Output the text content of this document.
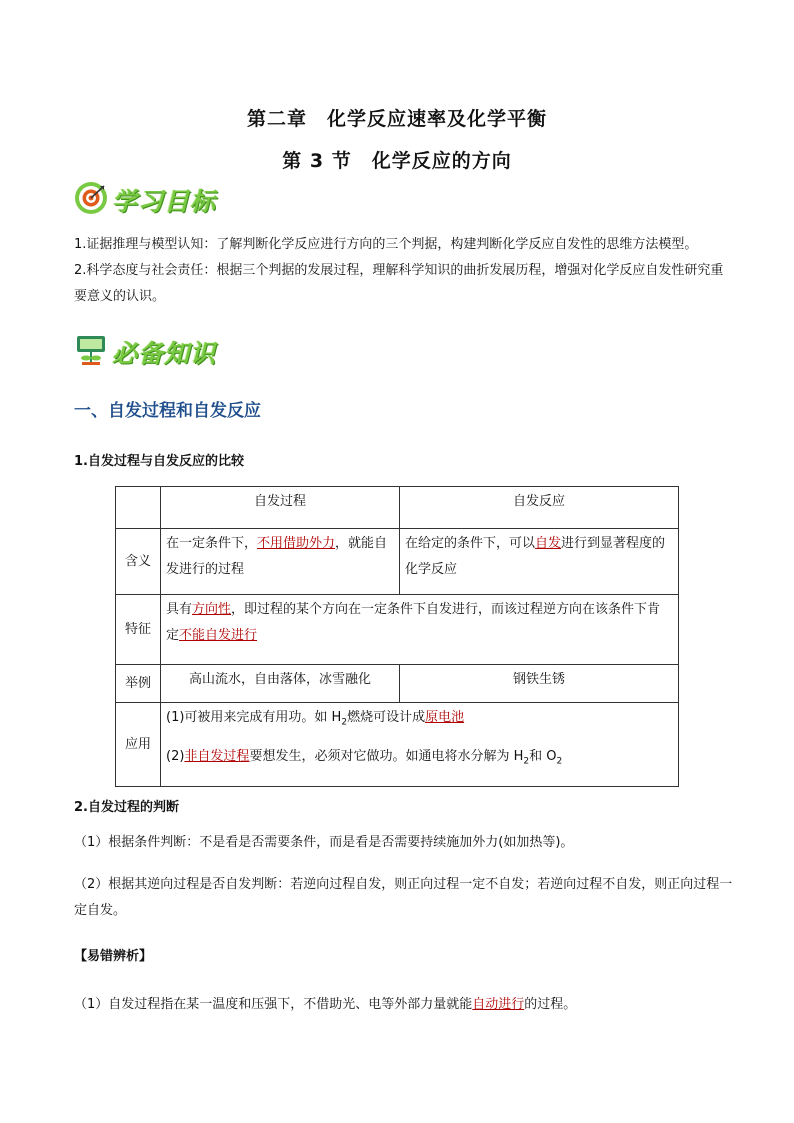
第二章　化学反应速率及化学平衡
第 3 节　化学反应的方向
学习目标
1.证据推理与模型认知：了解判断化学反应进行方向的三个判据，构建判断化学反应自发性的思维方法模型。
2.科学态度与社会责任：根据三个判据的发展过程，理解科学知识的曲折发展历程，增强对化学反应自发性研究重要意义的认识。
必备知识
一、自发过程和自发反应
1.自发过程与自发反应的比较
	自发过程	自发反应
含义	在一定条件下，不用借助外力，就能自发进行的过程	在给定的条件下，可以自发进行到显著程度的化学反应
特征	具有方向性，即过程的某个方向在一定条件下自发进行，而该过程逆方向在该条件下肯定不能自发进行	
举例	高山流水，自由落体，冰雪融化	钢铁生锈
应用	(1)可被用来完成有用功。如 $H_2$燃烧可设计成原电池
(2)非自发过程要想发生，必须对它做功。如通电将水分解为 $H_2$和 $O_2$
2.自发过程的判断
（1）根据条件判断：不是看是否需要条件，而是看是否需要持续施加外力(如加热等)。
（2）根据其逆向过程是否自发判断：若逆向过程自发，则正向过程一定不自发；若逆向过程不自发，则正向过程一定自发。
【易错辨析】
（1）自发过程指在某一温度和压强下，不借助光、电等外部力量就能自动进行的过程。
